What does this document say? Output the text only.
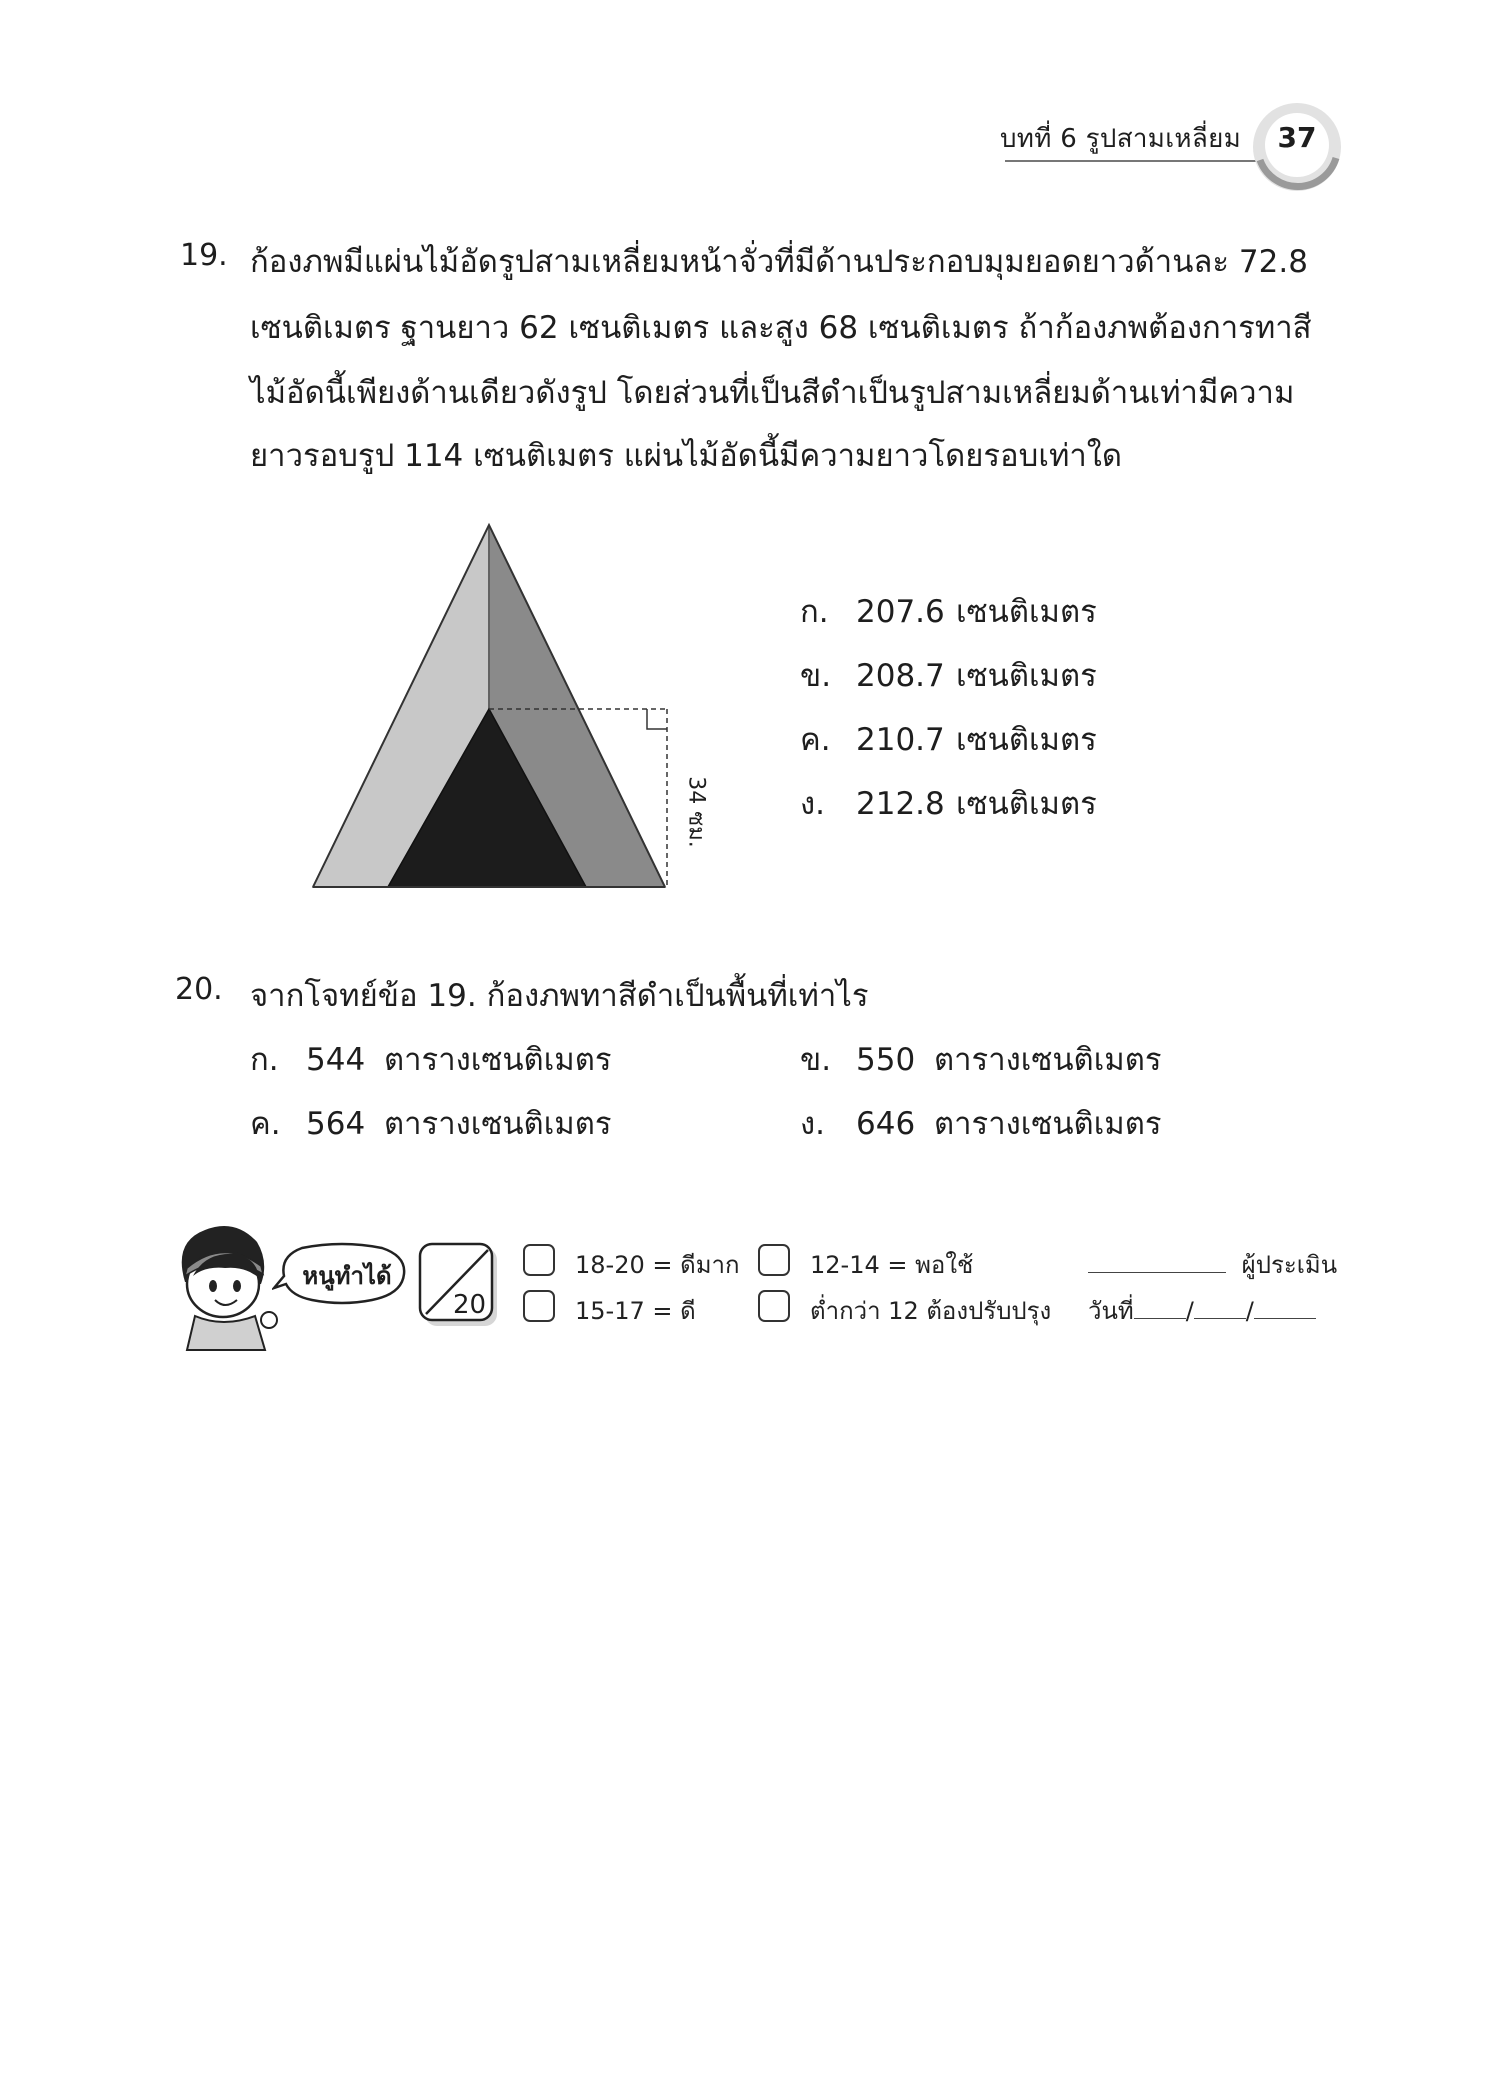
บทที่ 6 รูปสามเหลี่ยม	37
19. ก้องภพมีแผ่นไม้อัดรูปสามเหลี่ยมหน้าจั่วที่มีด้านประกอบมุมยอดยาวด้านละ 72.8
เซนติเมตร ฐานยาว 62 เซนติเมตร และสูง 68 เซนติเมตร ถ้าก้องภพต้องการทาสี
ไม้อัดนี้เพียงด้านเดียวดังรูป โดยส่วนที่เป็นสีดำเป็นรูปสามเหลี่ยมด้านเท่ามีความ
ยาวรอบรูป 114 เซนติเมตร แผ่นไม้อัดนี้มีความยาวโดยรอบเท่าใด
34 ซม.
ก. 207.6 เซนติเมตร
ข. 208.7 เซนติเมตร
ค. 210.7 เซนติเมตร
ง. 212.8 เซนติเมตร
20. จากโจทย์ข้อ 19. ก้องภพทาสีดำเป็นพื้นที่เท่าไร
ก. 544 ตารางเซนติเมตร	ข. 550 ตารางเซนติเมตร
ค. 564 ตารางเซนติเมตร	ง. 646 ตารางเซนติเมตร
หนูทำได้
20
18-20 = ดีมาก
15-17 = ดี
12-14 = พอใช้
ต่ำกว่า 12 ต้องปรับปรุง
ผู้ประเมิน
วันที่ / /
